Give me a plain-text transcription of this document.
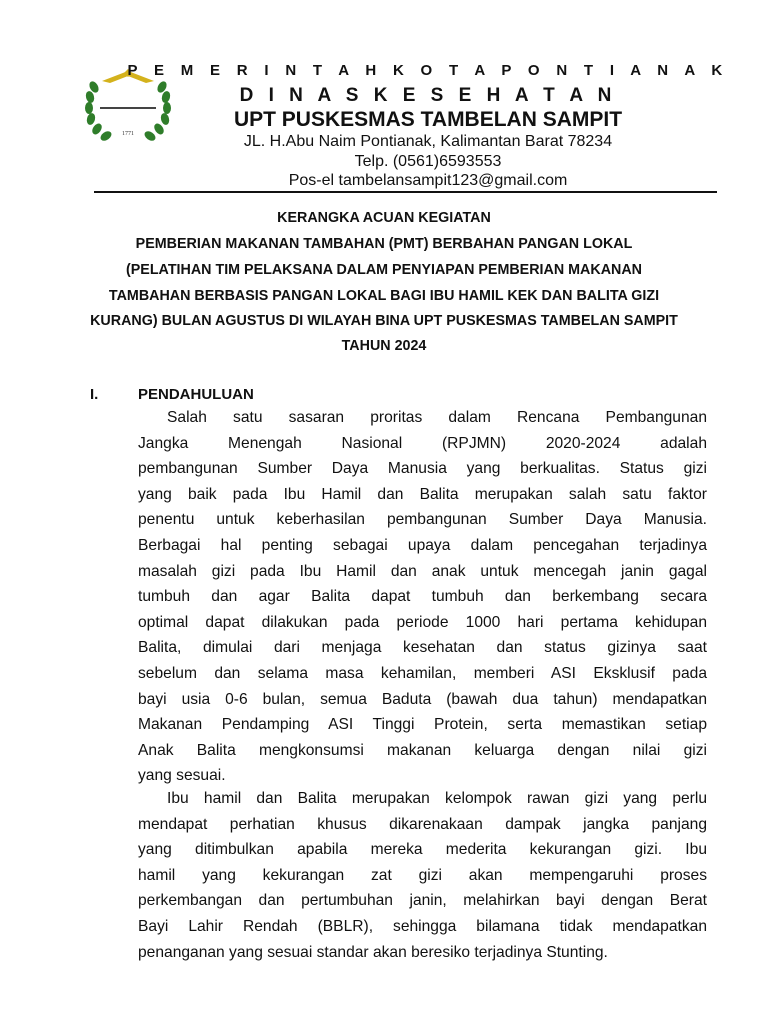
1771
P E M E R I N T A H K O T A P O N T I A N A K
D I N A S K E S E H A T A N
UPT PUSKESMAS TAMBELAN SAMPIT
JL. H.Abu Naim Pontianak, Kalimantan Barat 78234
Telp. (0561)6593553
Pos-el tambelansampit123@gmail.com
KERANGKA ACUAN KEGIATAN
PEMBERIAN MAKANAN TAMBAHAN (PMT) BERBAHAN PANGAN LOKAL
(PELATIHAN TIM PELAKSANA DALAM PENYIAPAN PEMBERIAN MAKANAN
TAMBAHAN BERBASIS PANGAN LOKAL BAGI IBU HAMIL KEK DAN BALITA GIZI
KURANG) BULAN AGUSTUS DI WILAYAH BINA UPT PUSKESMAS TAMBELAN SAMPIT
TAHUN 2024
I.	PENDAHULUAN
Salah satu sasaran proritas dalam Rencana Pembangunan
Jangka Menengah Nasional (RPJMN) 2020-2024 adalah
pembangunan Sumber Daya Manusia yang berkualitas. Status gizi
yang baik pada Ibu Hamil dan Balita merupakan salah satu faktor
penentu untuk keberhasilan pembangunan Sumber Daya Manusia.
Berbagai hal penting sebagai upaya dalam pencegahan terjadinya
masalah gizi pada Ibu Hamil dan anak untuk mencegah janin gagal
tumbuh dan agar Balita dapat tumbuh dan berkembang secara
optimal dapat dilakukan pada periode 1000 hari pertama kehidupan
Balita, dimulai dari menjaga kesehatan dan status gizinya saat
sebelum dan selama masa kehamilan, memberi ASI Eksklusif pada
bayi usia 0-6 bulan, semua Baduta (bawah dua tahun) mendapatkan
Makanan Pendamping ASI Tinggi Protein, serta memastikan setiap
Anak Balita mengkonsumsi makanan keluarga dengan nilai gizi
yang sesuai.
Ibu hamil dan Balita merupakan kelompok rawan gizi yang perlu
mendapat perhatian khusus dikarenakaan dampak jangka panjang
yang ditimbulkan apabila mereka mederita kekurangan gizi. Ibu
hamil yang kekurangan zat gizi akan mempengaruhi proses
perkembangan dan pertumbuhan janin, melahirkan bayi dengan Berat
Bayi Lahir Rendah (BBLR), sehingga bilamana tidak mendapatkan
penanganan yang sesuai standar akan beresiko terjadinya Stunting.
